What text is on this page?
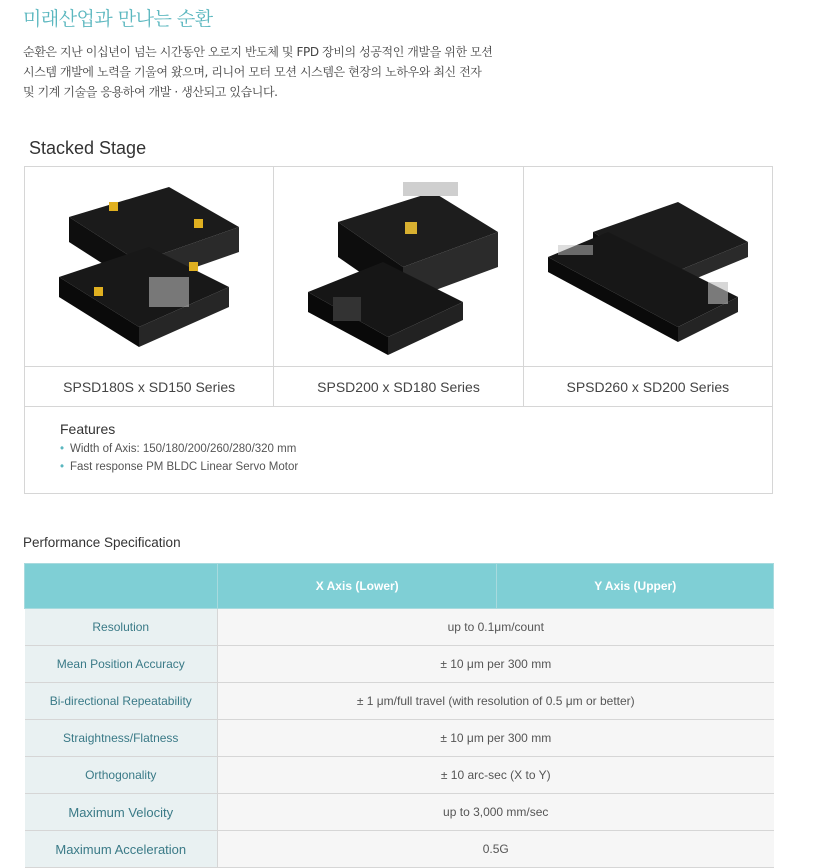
미래산업과 만나는 순환
순환은 지난 이십년이 넘는 시간동안 오로지 반도체 및 FPD 장비의 성공적인 개발을 위한 모션
시스템 개발에 노력을 기울여 왔으며, 리니어 모터 모션 시스템은 현장의 노하우와 최신 전자
및 기계 기술을 응용하여 개발 · 생산되고 있습니다.
Stacked Stage
SPSD180S x SD150 Series	SPSD200 x SD180 Series	SPSD260 x SD200 Series
Features
• Width of Axis: 150/180/200/260/280/320 mm
• Fast response PM BLDC Linear Servo Motor
Performance Specification
	X Axis (Lower)	Y Axis (Upper)
Resolution	up to 0.1μm/count	
Mean Position Accuracy	± 10 μm per 300 mm	
Bi-directional Repeatability	± 1 μm/full travel (with resolution of 0.5 μm or better)	
Straightness/Flatness	± 10 μm per 300 mm	
Orthogonality	± 10 arc-sec (X to Y)	
Maximum Velocity	up to 3,000 mm/sec	
Maximum Acceleration	0.5G	
